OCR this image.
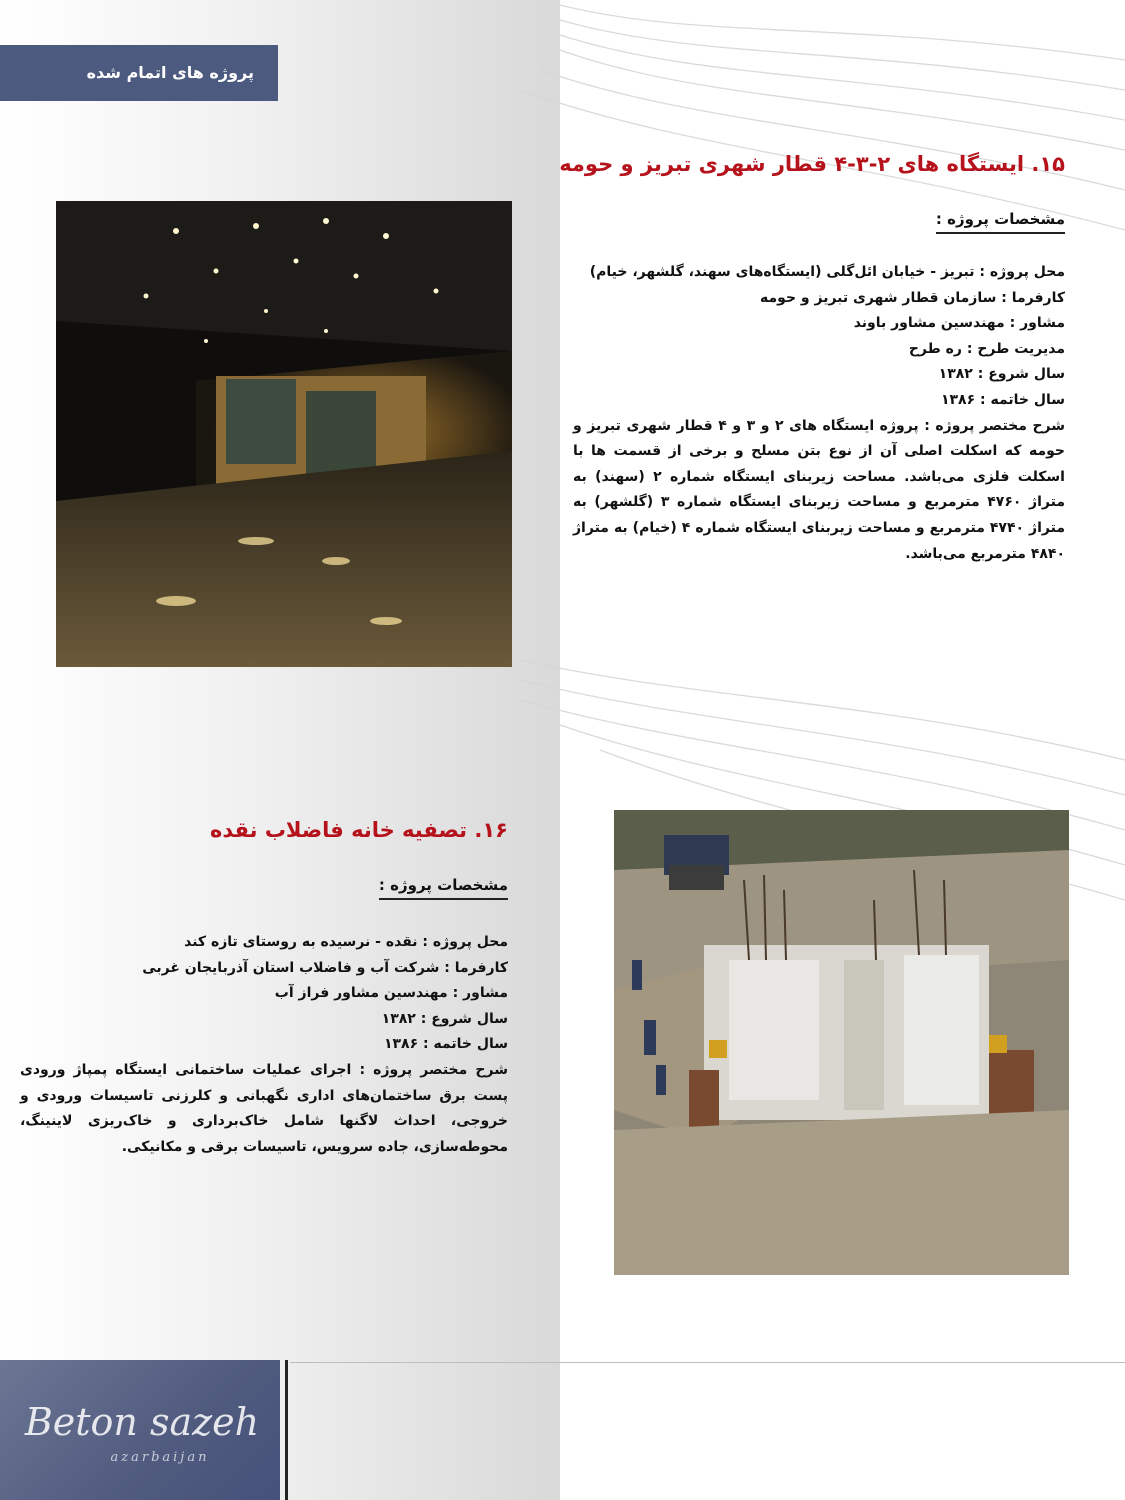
پروژه های اتمام شده
۱۵. ایستگاه های ۲-۳-۴ قطار شهری تبریز و حومه
مشخصات پروژه :

محل پروژه : تبریز - خیابان ائل‌گلی (ایستگاه‌های سهند، گلشهر، خیام)

کارفرما : سازمان قطار شهری تبریز و حومه

مشاور : مهندسین مشاور باوند

مدیریت طرح : ره طرح

سال شروع : ۱۳۸۲

سال خاتمه : ۱۳۸۶

شرح مختصر پروژه : پروژه ایستگاه های ۲ و ۳ و ۴ قطار شهری تبریز و حومه که اسکلت اصلی آن از نوع بتن مسلح و برخی از قسمت ها با اسکلت فلزی می‌باشد. مساحت زیربنای ایستگاه شماره ۲ (سهند) به متراژ ۴۷۶۰ مترمربع و مساحت زیربنای ایستگاه شماره ۳ (گلشهر) به متراژ ۴۷۴۰ مترمربع و مساحت زیربنای ایستگاه شماره ۴ (خیام) به متراژ ۴۸۴۰ مترمربع می‌باشد.

۱۶. تصفیه خانه فاضلاب نقده
مشخصات پروژه :

محل پروژه : نقده - نرسیده به روستای تازه کند

کارفرما : شرکت آب و فاضلاب استان آذربایجان غربی

مشاور : مهندسین مشاور فراز آب

سال شروع : ۱۳۸۲

سال خاتمه : ۱۳۸۶

شرح مختصر پروژه : اجرای عملیات ساختمانی ایستگاه پمپاژ ورودی پست برق ساختمان‌های اداری نگهبانی و کلرزنی تاسیسات ورودی و خروجی، احداث لاگنها شامل خاک‌برداری و خاک‌ریزی لاینینگ، محوطه‌سازی، جاده سرویس، تاسیسات برقی و مکانیکی.

Beton sazeh
azarbaijan
